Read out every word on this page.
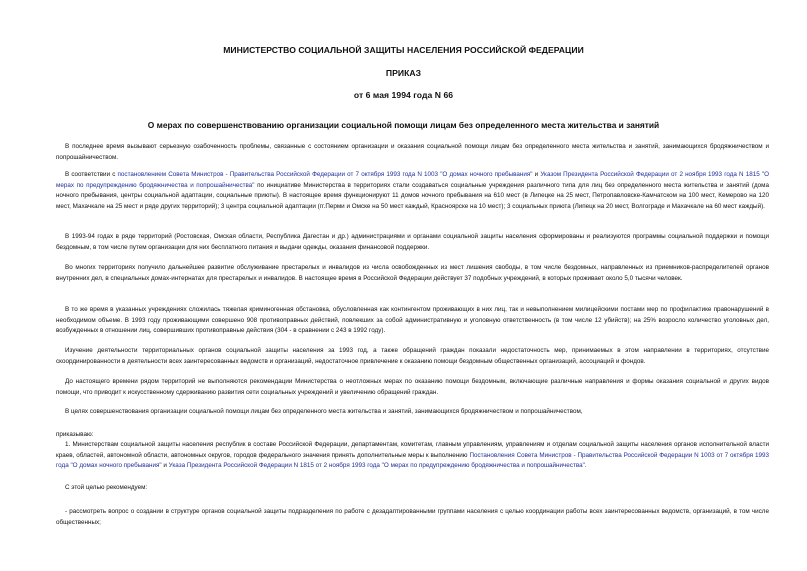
МИНИСТЕРСТВО СОЦИАЛЬНОЙ ЗАЩИТЫ НАСЕЛЕНИЯ РОССИЙСКОЙ ФЕДЕРАЦИИ
ПРИКАЗ
от 6 мая 1994 года N 66
О мерах по совершенствованию организации социальной помощи лицам без определенного места жительства и занятий
В последнее время вызывают серьезную озабоченность проблемы, связанные с состоянием организации и оказания социальной помощи лицам без определенного места жительства и занятий, занимающихся бродяжничеством и попрошайничеством.
В соответствии с постановлением Совета Министров - Правительства Российской Федерации от 7 октября 1993 года N 1003 "О домах ночного пребывания" и Указом Президента Российской Федерации от 2 ноября 1993 года N 1815 "О мерах по предупреждению бродяжничества и попрошайничества" по инициативе Министерства в территориях стали создаваться социальные учреждения различного типа для лиц без определенного места жительства и занятий (дома ночного пребывания, центры социальной адаптации, социальные приюты). В настоящее время функционируют 11 домов ночного пребывания на 610 мест (в Липецке на 25 мест, Петропавловске-Камчатском на 100 мест, Кемерово на 120 мест, Махачкале на 25 мест и ряде других территорий); 3 центра социальной адаптации (гг.Перми и Омске на 50 мест каждый, Красноярске на 10 мест); 3 социальных приюта (Липецк на 20 мест, Волгограде и Махачкале на 60 мест каждый).
В 1993-94 годах в ряде территорий (Ростовская, Омская области, Республика Дагестан и др.) администрациями и органами социальной защиты населения сформированы и реализуются программы социальной поддержки и помощи бездомным, в том числе путем организации для них бесплатного питания и выдачи одежды, оказания финансовой поддержки.
Во многих территориях получило дальнейшее развитие обслуживание престарелых и инвалидов из числа освобожденных из мест лишения свободы, в том числе бездомных, направленных из приемников-распределителей органов внутренних дел, в специальных домах-интернатах для престарелых и инвалидов. В настоящее время в Российской Федерации действует 37 подобных учреждений, в которых проживает около 5,0 тысячи человек.
В то же время в указанных учреждениях сложилась тяжелая криминогенная обстановка, обусловленная как контингентом проживающих в них лиц, так и невыполнением милицейскими постами мер по профилактике правонарушений в необходимом объеме. В 1993 году проживающими совершено 908 противоправных действий, повлекших за собой административную и уголовную ответственность (в том числе 12 убийств); на 25% возросло количество уголовных дел, возбужденных в отношении лиц, совершивших противоправные действия (304 - в сравнении с 243 в 1992 году).
Изучение деятельности территориальных органов социальной защиты населения за 1993 год, а также обращений граждан показали недостаточность мер, принимаемых в этом направлении в территориях, отсутствие скоординированности в деятельности всех заинтересованных ведомств и организаций, недостаточное привлечение к оказанию помощи бездомным общественных организаций, ассоциаций и фондов.
До настоящего времени рядом территорий не выполняются рекомендации Министерства о неотложных мерах по оказанию помощи бездомным, включающие различные направления и формы оказания социальной и других видов помощи, что приводит к искусственному сдерживанию развития сети социальных учреждений и увеличению обращений граждан.
В целях совершенствования организации социальной помощи лицам без определенного места жительства и занятий, занимающихся бродяжничеством и попрошайничеством,
приказываю:
1. Министерствам социальной защиты населения республик в составе Российской Федерации, департаментам, комитетам, главным управлениям, управлениям и отделам социальной защиты населения органов исполнительной власти краев, областей, автономной области, автономных округов, городов федерального значения принять дополнительные меры к выполнению Постановления Совета Министров - Правительства Российской Федерации N 1003 от 7 октября 1993 года "О домах ночного пребывания" и Указа Президента Российской Федерации N 1815 от 2 ноября 1993 года "О мерах по предупреждению бродяжничества и попрошайничества".
С этой целью рекомендуем:
- рассмотреть вопрос о создании в структуре органов социальной защиты подразделения по работе с дезадаптированными группами населения с целью координации работы всех заинтересованных ведомств, организаций, в том числе общественных;
